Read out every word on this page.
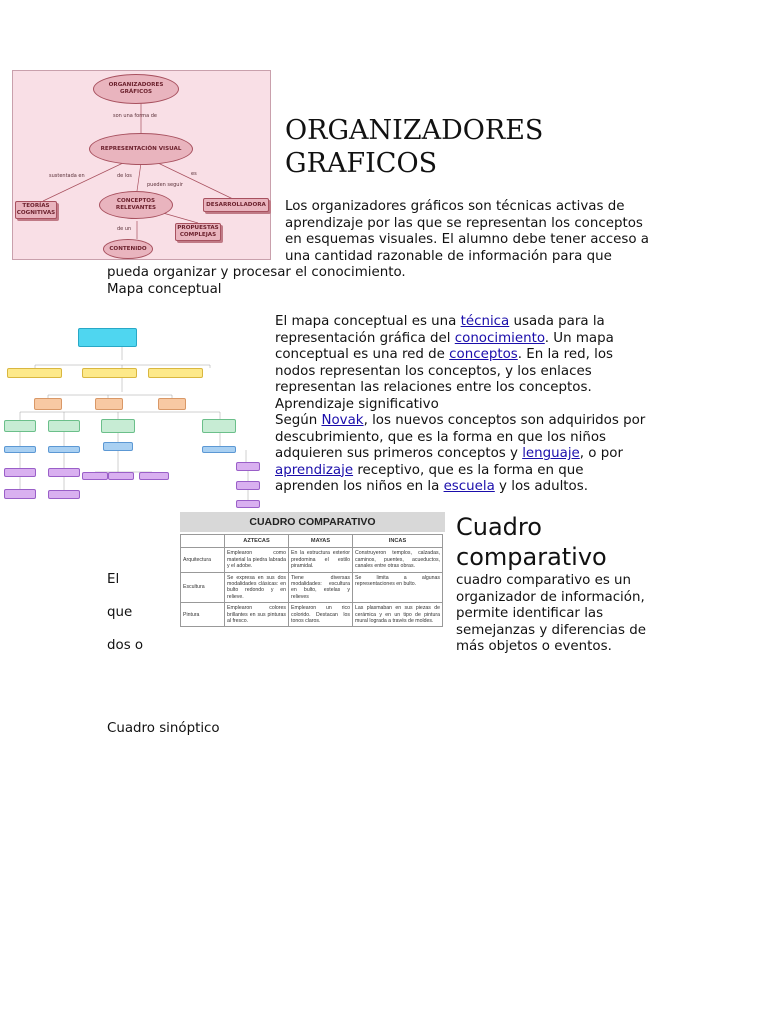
ORGANIZADORES GRÁFICOS
son una forma de
REPRESENTACIÓN VISUAL
sustentada en	de los	es
pueden seguir
TEORÍAS COGNITIVAS
CONCEPTOS RELEVANTES
DESARROLLADORA
de un	PROPUESTAS COMPLEJAS
CONTENIDO
ORGANIZADORES
GRAFICOS
Los organizadores gráficos son técnicas activas de
aprendizaje por las que se representan los conceptos
en esquemas visuales. El alumno debe tener acceso a
una cantidad razonable de información para que
pueda organizar y procesar el conocimiento.
Mapa conceptual
El mapa conceptual es una técnica usada para la
representación gráfica del conocimiento. Un mapa
conceptual es una red de conceptos. En la red, los
nodos representan los conceptos, y los enlaces
representan las relaciones entre los conceptos.
Aprendizaje significativo
Según Novak, los nuevos conceptos son adquiridos por
descubrimiento, que es la forma en que los niños
adquieren sus primeros conceptos y lenguaje, o por
aprendizaje receptivo, que es la forma en que
aprenden los niños en la escuela y los adultos.
CUADRO COMPARATIVO
	AZTECAS	MAYAS	INCAS
Arquitectura	Emplearon como material la piedra labrada y el adobe.	En la estructura exterior predomina el estilo piramidal.	Construyeron templos, calzadas, caminos, puentes, acueductos, canales entre otras obras.
Escultura	Se expresa en sus dos modalidades clásicas: en bulto redondo y en relieve.	Tiene diversas modalidades: escultura en bulto, estelas y relieves	Se limita a algunas representaciones en bulto.
Pintura	Emplearon colores brillantes en sus pinturas al fresco.	Emplearon un rico colorido. Destacan los tonos claros.	Las plasmaban en sus piezas de cerámica y en un tipo de pintura mural lograda a través de moldes.
Cuadro
comparativo
cuadro comparativo es un
organizador de información,
permite identificar las
semejanzas y diferencias de
más objetos o eventos.
El
que
dos o
Cuadro sinóptico
